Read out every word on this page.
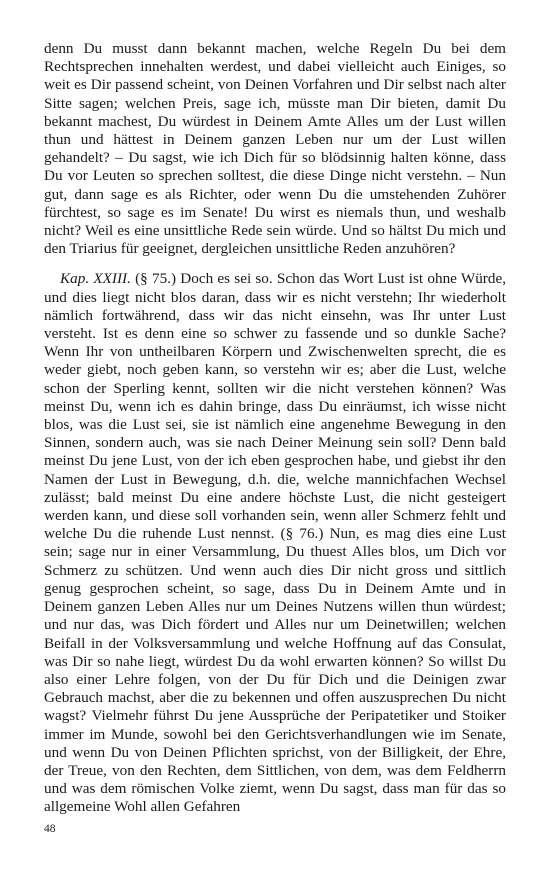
denn Du musst dann bekannt machen, welche Regeln Du bei dem Rechtsprechen innehalten werdest, und dabei vielleicht auch Einiges, so weit es Dir passend scheint, von Deinen Vorfahren und Dir selbst nach alter Sitte sagen; welchen Preis, sage ich, müsste man Dir bieten, damit Du bekannt machest, Du würdest in Deinem Amte Alles um der Lust willen thun und hättest in Deinem ganzen Leben nur um der Lust willen gehandelt? – Du sagst, wie ich Dich für so blödsinnig halten könne, dass Du vor Leuten so sprechen solltest, die diese Dinge nicht verstehn. – Nun gut, dann sage es als Richter, oder wenn Du die umstehenden Zuhörer fürchtest, so sage es im Senate! Du wirst es niemals thun, und weshalb nicht? Weil es eine unsittliche Rede sein würde. Und so hältst Du mich und den Triarius für geeignet, dergleichen unsittliche Reden anzuhören?

Kap. XXIII. (§ 75.) Doch es sei so. Schon das Wort Lust ist ohne Würde, und dies liegt nicht blos daran, dass wir es nicht verstehn; Ihr wiederholt nämlich fortwährend, dass wir das nicht einsehn, was Ihr unter Lust versteht. Ist es denn eine so schwer zu fassende und so dunkle Sache? Wenn Ihr von untheilbaren Körpern und Zwischenwelten sprecht, die es weder giebt, noch geben kann, so verstehn wir es; aber die Lust, welche schon der Sperling kennt, sollten wir die nicht verstehen können? Was meinst Du, wenn ich es dahin bringe, dass Du einräumst, ich wisse nicht blos, was die Lust sei, sie ist nämlich eine angenehme Bewegung in den Sinnen, sondern auch, was sie nach Deiner Meinung sein soll? Denn bald meinst Du jene Lust, von der ich eben gesprochen habe, und giebst ihr den Namen der Lust in Bewegung, d.h. die, welche mannichfachen Wechsel zulässt; bald meinst Du eine andere höchste Lust, die nicht gesteigert werden kann, und diese soll vorhanden sein, wenn aller Schmerz fehlt und welche Du die ruhende Lust nennst. (§ 76.) Nun, es mag dies eine Lust sein; sage nur in einer Versammlung, Du thuest Alles blos, um Dich vor Schmerz zu schützen. Und wenn auch dies Dir nicht gross und sittlich genug gesprochen scheint, so sage, dass Du in Deinem Amte und in Deinem ganzen Leben Alles nur um Deines Nutzens willen thun würdest; und nur das, was Dich fördert und Alles nur um Deinetwillen; welchen Beifall in der Volksversammlung und welche Hoffnung auf das Consulat, was Dir so nahe liegt, würdest Du da wohl erwarten können? So willst Du also einer Lehre folgen, von der Du für Dich und die Deinigen zwar Gebrauch machst, aber die zu bekennen und offen auszusprechen Du nicht wagst? Vielmehr führst Du jene Aussprüche der Peripatetiker und Stoiker immer im Munde, sowohl bei den Gerichtsverhandlungen wie im Senate, und wenn Du von Deinen Pflichten sprichst, von der Billigkeit, der Ehre, der Treue, von den Rechten, dem Sittlichen, von dem, was dem Feldherrn und was dem römischen Volke ziemt, wenn Du sagst, dass man für das so allgemeine Wohl allen Gefahren

48
